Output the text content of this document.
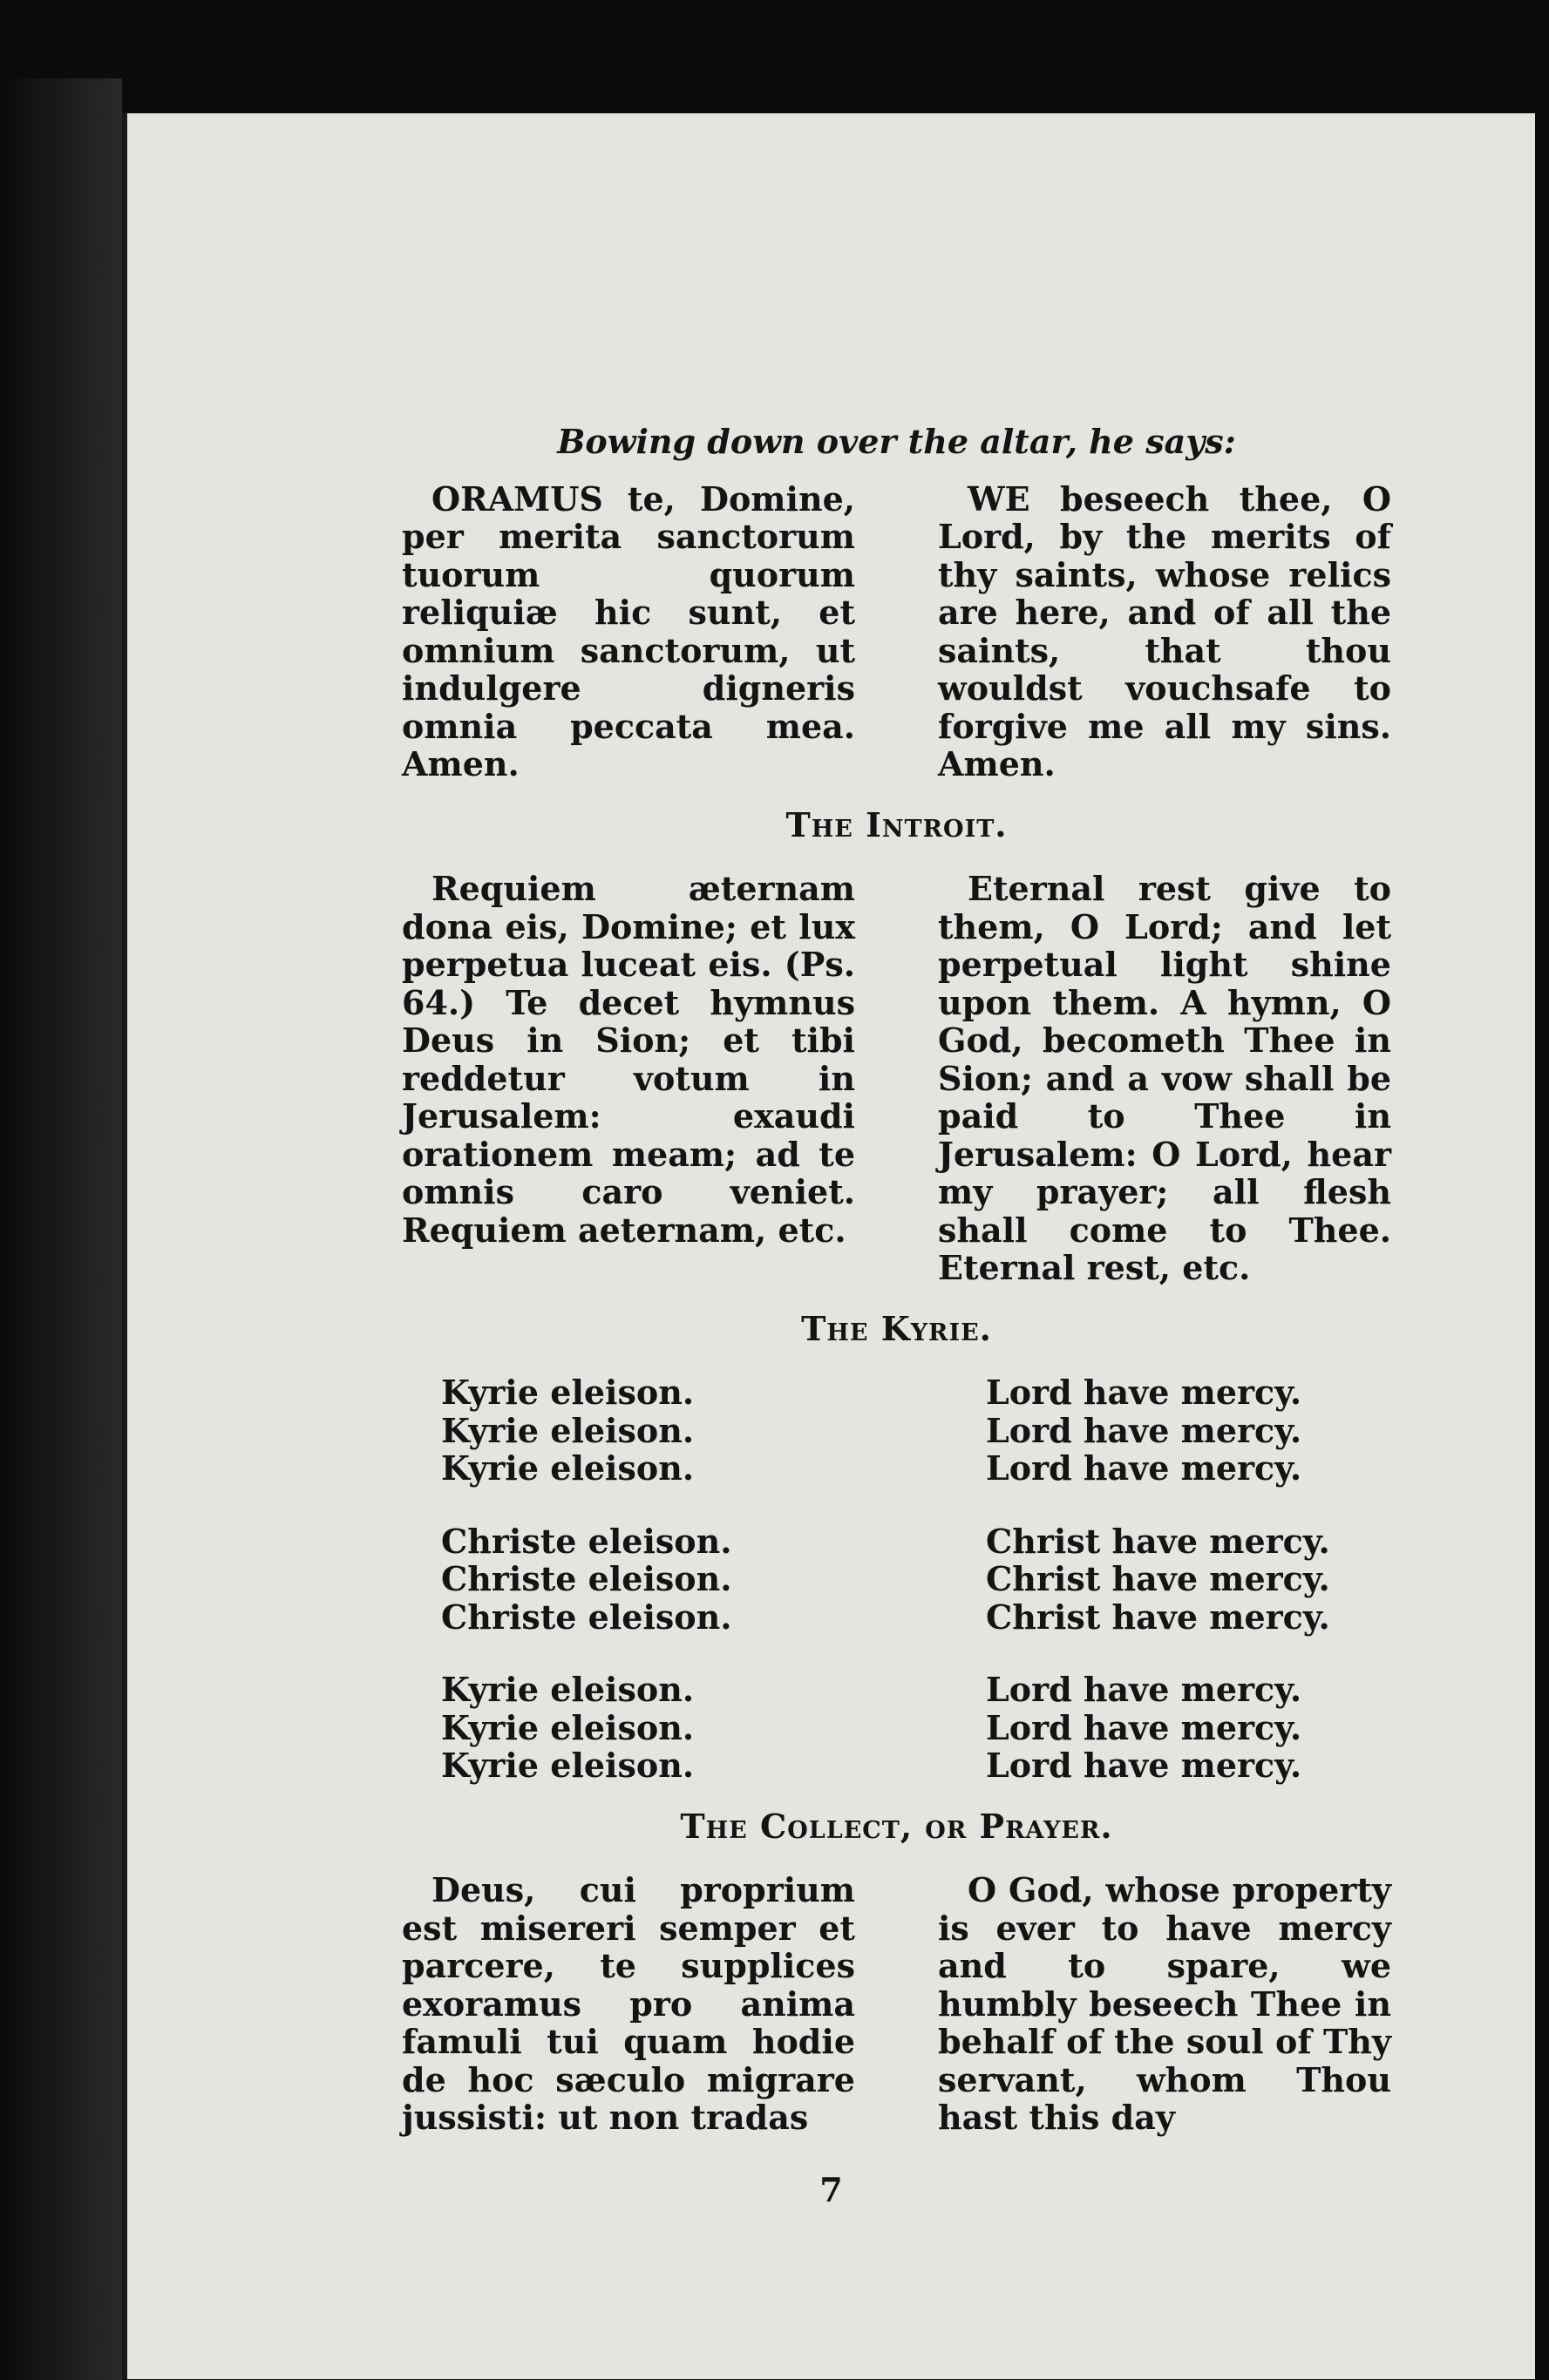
Bowing down over the altar, he says:

ORAMUS te, Domine, per merita sanctorum tuorum quorum reliquiæ hic sunt, et omnium sanctorum, ut indulgere digneris omnia peccata mea. Amen.

WE beseech thee, O Lord, by the merits of thy saints, whose relics are here, and of all the saints, that thou wouldst vouchsafe to forgive me all my sins. Amen.

The Introit.

Requiem æternam dona eis, Domine; et lux perpetua luceat eis. (Ps. 64.) Te decet hymnus Deus in Sion; et tibi reddetur votum in Jerusalem: exaudi orationem meam; ad te omnis caro veniet. Requiem aeternam, etc.

Eternal rest give to them, O Lord; and let perpetual light shine upon them. A hymn, O God, becometh Thee in Sion; and a vow shall be paid to Thee in Jerusalem: O Lord, hear my prayer; all flesh shall come to Thee. Eternal rest, etc.

The Kyrie.
Kyrie eleison.
Kyrie eleison.
Kyrie eleison.
Christe eleison.
Christe eleison.
Christe eleison.
Kyrie eleison.
Kyrie eleison.
Kyrie eleison.
Lord have mercy.
Lord have mercy.
Lord have mercy.
Christ have mercy.
Christ have mercy.
Christ have mercy.
Lord have mercy.
Lord have mercy.
Lord have mercy.
The Collect, or Prayer.

Deus, cui proprium est misereri semper et parcere, te supplices exoramus pro anima famuli tui quam hodie de hoc sæculo migrare jussisti: ut non tradas

O God, whose property is ever to have mercy and to spare, we humbly beseech Thee in behalf of the soul of Thy servant, whom Thou hast this day

7
